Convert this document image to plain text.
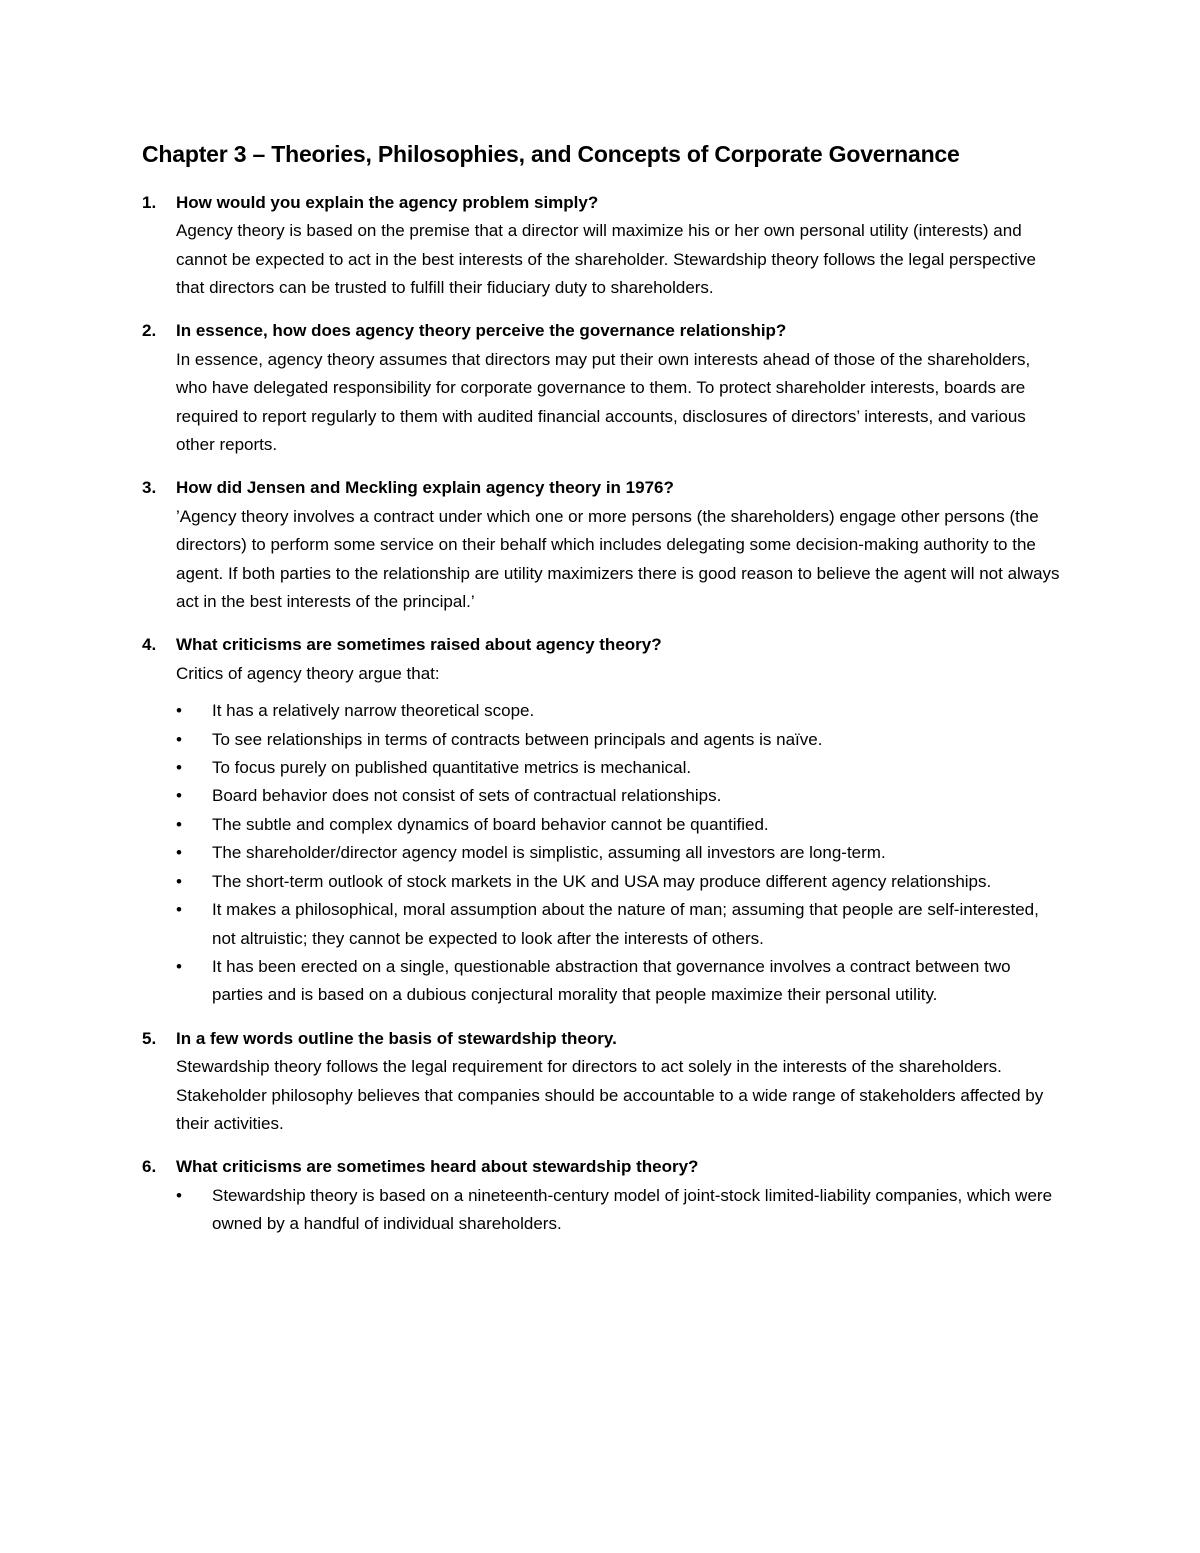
Chapter 3 – Theories, Philosophies, and Concepts of Corporate Governance
1. How would you explain the agency problem simply?
Agency theory is based on the premise that a director will maximize his or her own personal utility (interests) and cannot be expected to act in the best interests of the shareholder. Stewardship theory follows the legal perspective that directors can be trusted to fulfill their fiduciary duty to shareholders.
2. In essence, how does agency theory perceive the governance relationship?
In essence, agency theory assumes that directors may put their own interests ahead of those of the shareholders, who have delegated responsibility for corporate governance to them. To protect shareholder interests, boards are required to report regularly to them with audited financial accounts, disclosures of directors’ interests, and various other reports.
3. How did Jensen and Meckling explain agency theory in 1976?
’Agency theory involves a contract under which one or more persons (the shareholders) engage other persons (the directors) to perform some service on their behalf which includes delegating some decision-making authority to the agent. If both parties to the relationship are utility maximizers there is good reason to believe the agent will not always act in the best interests of the principal.’
4. What criticisms are sometimes raised about agency theory?
Critics of agency theory argue that:
• It has a relatively narrow theoretical scope.
• To see relationships in terms of contracts between principals and agents is naïve.
• To focus purely on published quantitative metrics is mechanical.
• Board behavior does not consist of sets of contractual relationships.
• The subtle and complex dynamics of board behavior cannot be quantified.
• The shareholder/director agency model is simplistic, assuming all investors are long-term.
• The short-term outlook of stock markets in the UK and USA may produce different agency relationships.
• It makes a philosophical, moral assumption about the nature of man; assuming that people are self-interested, not altruistic; they cannot be expected to look after the interests of others.
• It has been erected on a single, questionable abstraction that governance involves a contract between two parties and is based on a dubious conjectural morality that people maximize their personal utility.
5. In a few words outline the basis of stewardship theory.
Stewardship theory follows the legal requirement for directors to act solely in the interests of the shareholders. Stakeholder philosophy believes that companies should be accountable to a wide range of stakeholders affected by their activities.
6. What criticisms are sometimes heard about stewardship theory?
• Stewardship theory is based on a nineteenth-century model of joint-stock limited-liability companies, which were owned by a handful of individual shareholders.
